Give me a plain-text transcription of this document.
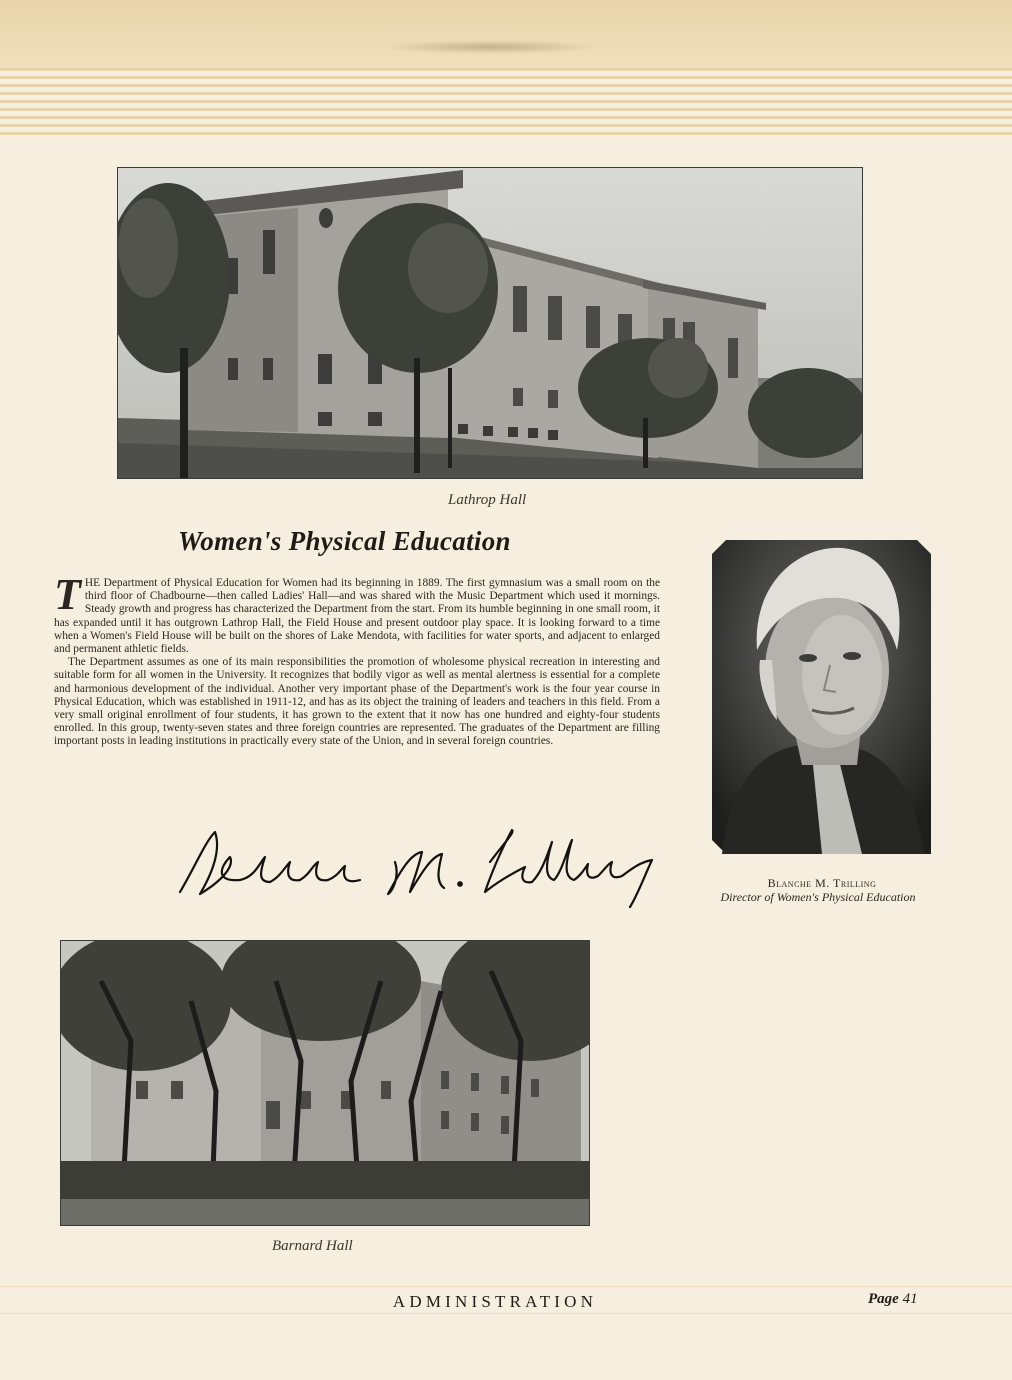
Lathrop Hall
Women's Physical Education

THE Department of Physical Education for Women had its beginning in 1889. The first gymnasium was a small room on the third floor of Chadbourne—then called Ladies' Hall—and was shared with the Music Department which used it mornings. Steady growth and progress has characterized the Department from the start. From its humble beginning in one small room, it has expanded until it has outgrown Lathrop Hall, the Field House and present outdoor play space. It is looking forward to a time when a Women's Field House will be built on the shores of Lake Mendota, with facilities for water sports, and adjacent to enlarged and permanent athletic fields.

The Department assumes as one of its main responsibilities the promotion of wholesome physical recreation in interesting and suitable form for all women in the University. It recognizes that bodily vigor as well as mental alertness is essential for a complete and harmonious development of the individual. Another very important phase of the Department's work is the four year course in Physical Education, which was established in 1911-12, and has as its object the training of leaders and teachers in this field. From a very small original enrollment of four students, it has grown to the extent that it now has one hundred and eighty-four students enrolled. In this group, twenty-seven states and three foreign countries are represented. The graduates of the Department are filling important posts in leading institutions in practically every state of the Union, and in several foreign countries.

Blanche M. Trilling
Director of Women's Physical Education
Barnard Hall
ADMINISTRATION	Page 41
